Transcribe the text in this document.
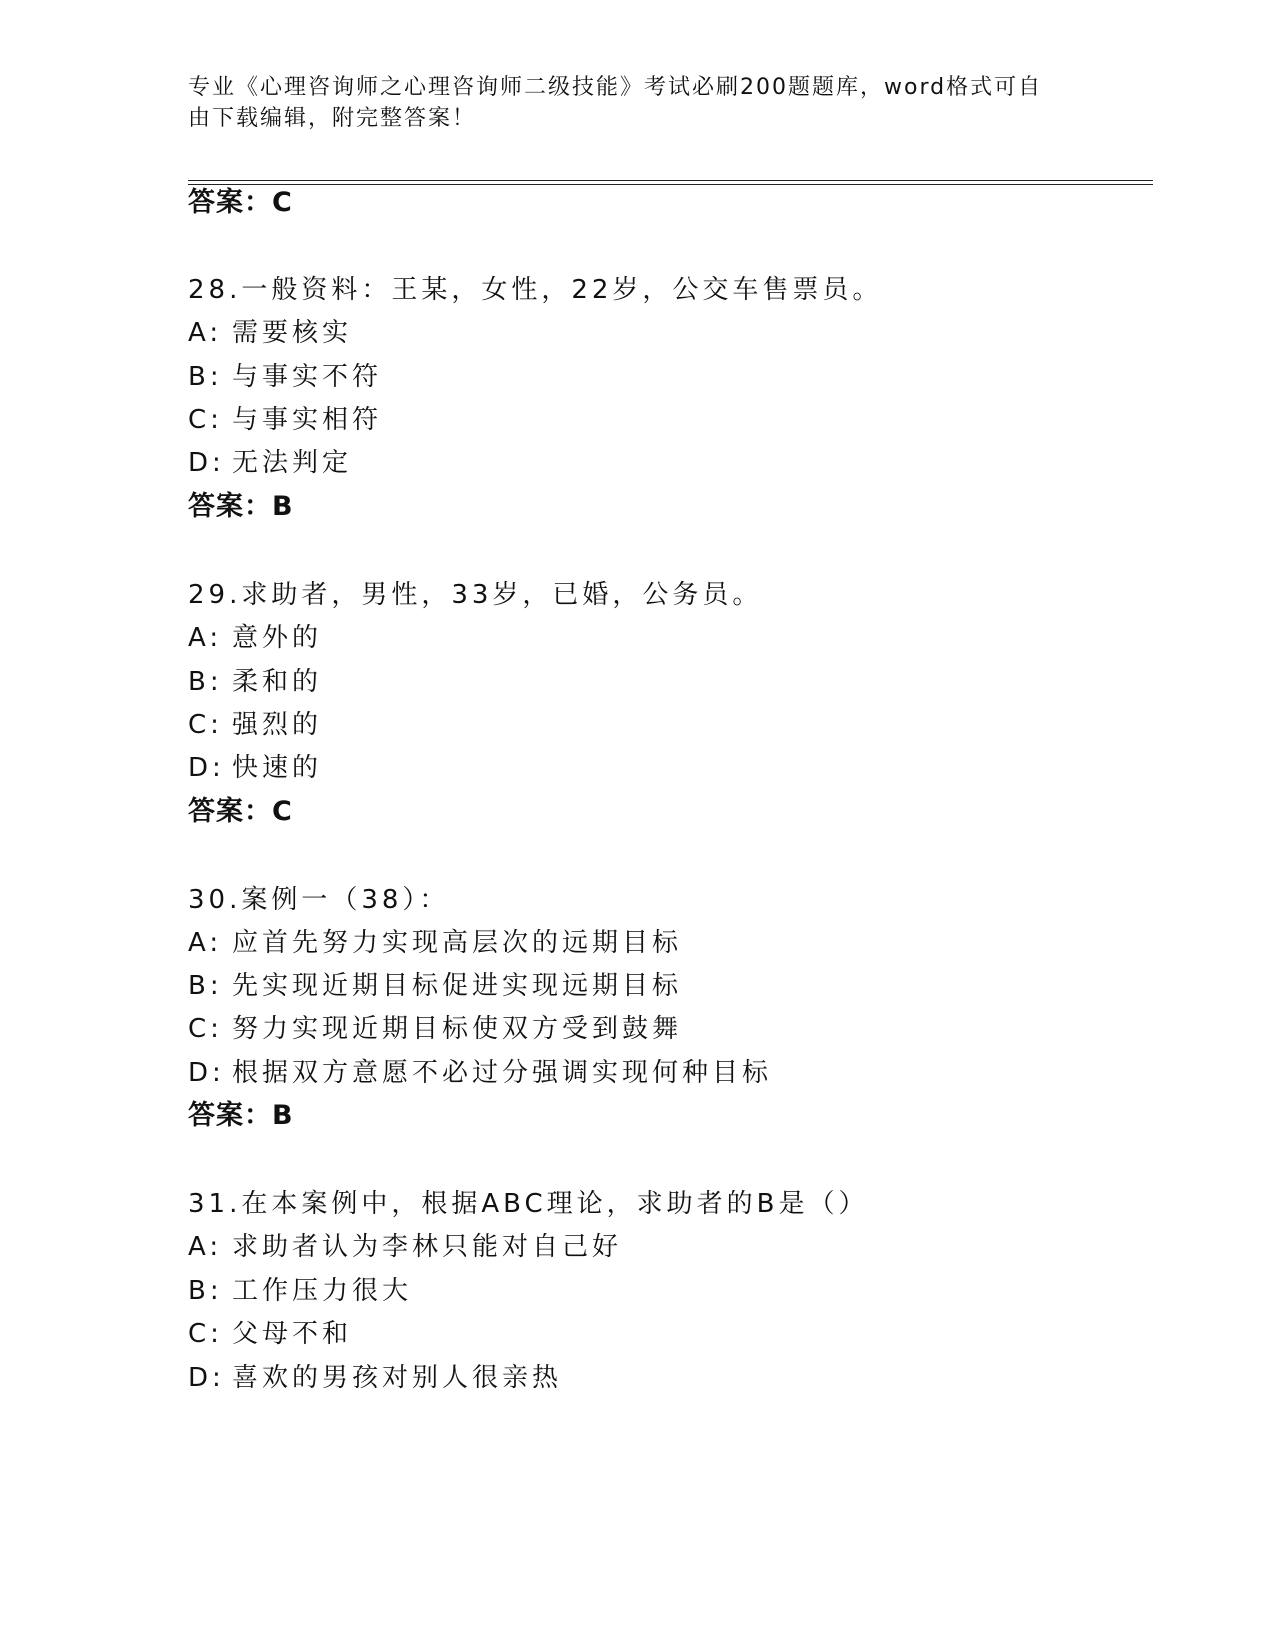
专业《心理咨询师之心理咨询师二级技能》考试必刷200题题库，word格式可自
由下载编辑，附完整答案！
答案：C
28.一般资料：王某，女性，22岁，公交车售票员。
A: 需要核实
B: 与事实不符
C: 与事实相符
D: 无法判定
答案：B
29.求助者，男性，33岁，已婚，公务员。
A: 意外的
B: 柔和的
C: 强烈的
D: 快速的
答案：C
30.案例一（38）：
A: 应首先努力实现高层次的远期目标
B: 先实现近期目标促进实现远期目标
C: 努力实现近期目标使双方受到鼓舞
D: 根据双方意愿不必过分强调实现何种目标
答案：B
31.在本案例中，根据ABC理论，求助者的B是（）
A: 求助者认为李林只能对自己好
B: 工作压力很大
C: 父母不和
D: 喜欢的男孩对别人很亲热
